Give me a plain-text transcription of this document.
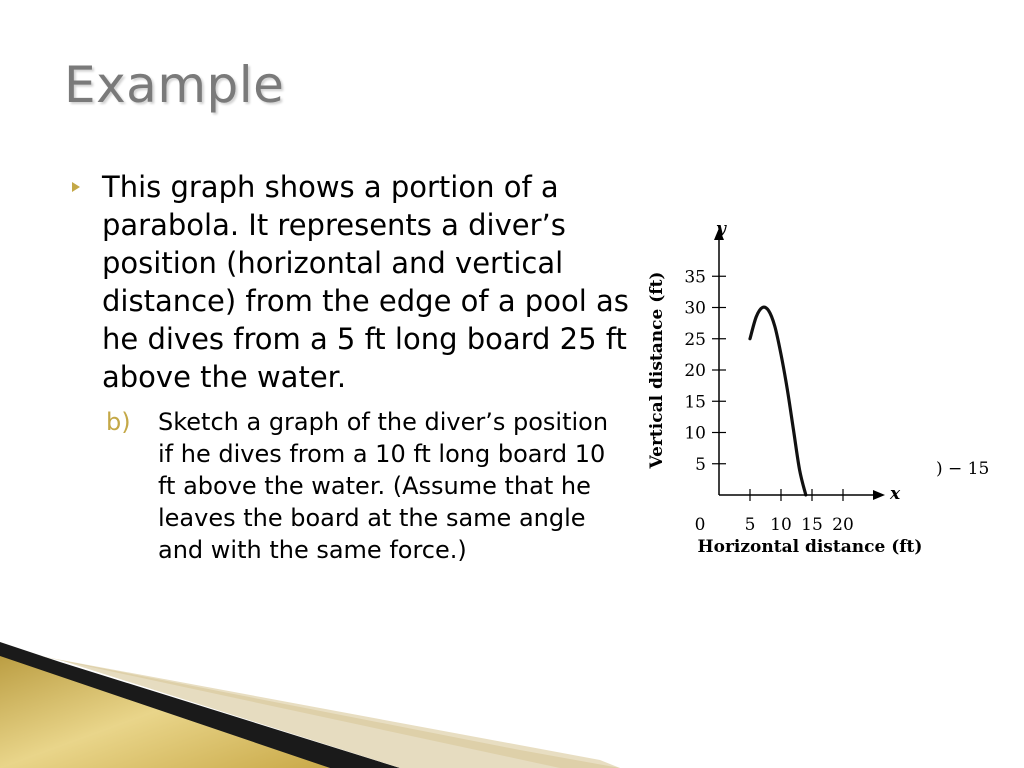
Example
This graph shows a portion of a parabola. It represents a diver’s position (horizontal and vertical distance) from the edge of a pool as he dives from a 5 ft long board 25 ft above the water.
b)	Sketch a graph of the diver’s position if he dives from a 10 ft long board 10 ft above the water. (Assume that he leaves the board at the same angle and with the same force.)
5
10
15
20
25
30
35
0 5 10 15 20
y
x
Vertical distance (ft)
Horizontal distance (ft)
) − 15
